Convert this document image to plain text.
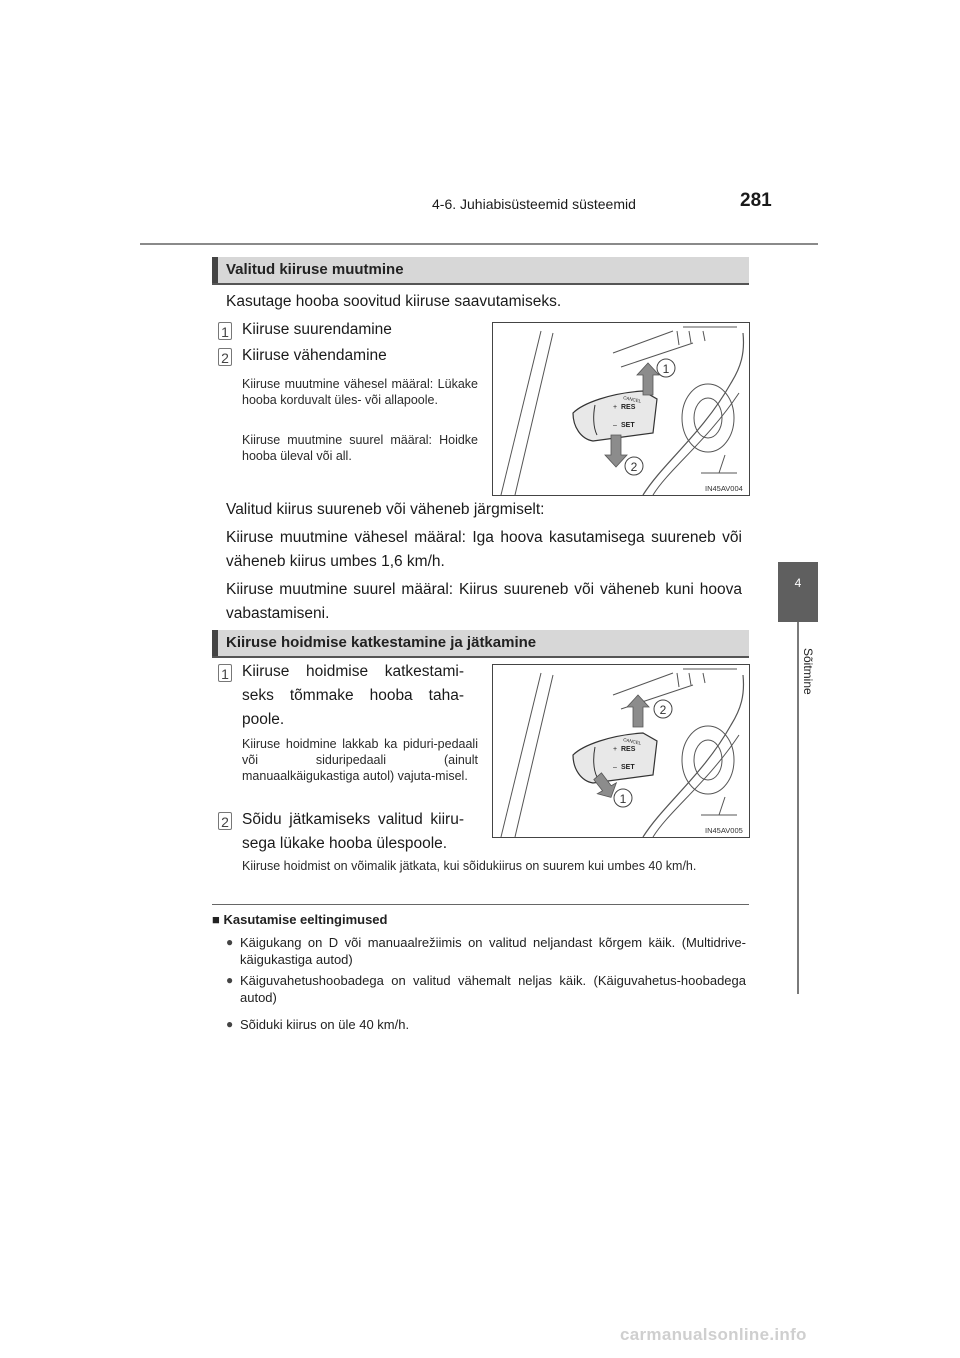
4-6. Juhiabisüsteemid süsteemid	281
4
Sõitmine
Valitud kiiruse muutmine
Kasutage hooba soovitud kiiruse saavutamiseks.
1 Kiiruse suurendamine
2 Kiiruse vähendamine
Kiiruse muutmine vähesel määral: Lükake hooba korduvalt üles- või allapoole.
Kiiruse muutmine suurel määral: Hoidke hooba üleval või all.
+ RES
– SET
CANCEL
1
2
IN45AV004
Valitud kiirus suureneb või väheneb järgmiselt:
Kiiruse muutmine vähesel määral: Iga hoova kasutamisega suureneb või väheneb kiirus umbes 1,6 km/h.
Kiiruse muutmine suurel määral: Kiirus suureneb või väheneb kuni hoova vabastamiseni.
Kiiruse hoidmise katkestamine ja jätkamine
1 Kiiruse hoidmise katkestami-seks tõmmake hooba taha-poole.
Kiiruse hoidmine lakkab ka piduri-pedaali või siduripedaali (ainult manuaalkäigukastiga autol) vajuta-misel.
2 Sõidu jätkamiseks valitud kiiru-sega lükake hooba ülespoole.
+ RES
– SET
CANCEL
2
1
IN45AV005
Kiiruse hoidmist on võimalik jätkata, kui sõidukiirus on suurem kui umbes 40 km/h.
■ Kasutamise eeltingimused
● Käigukang on D või manuaalrežiimis on valitud neljandast kõrgem käik. (Multidrive-käigukastiga autod)
● Käiguvahetushoobadega on valitud vähemalt neljas käik. (Käiguvahetus-hoobadega autod)
● Sõiduki kiirus on üle 40 km/h.
carmanualsonline.info
